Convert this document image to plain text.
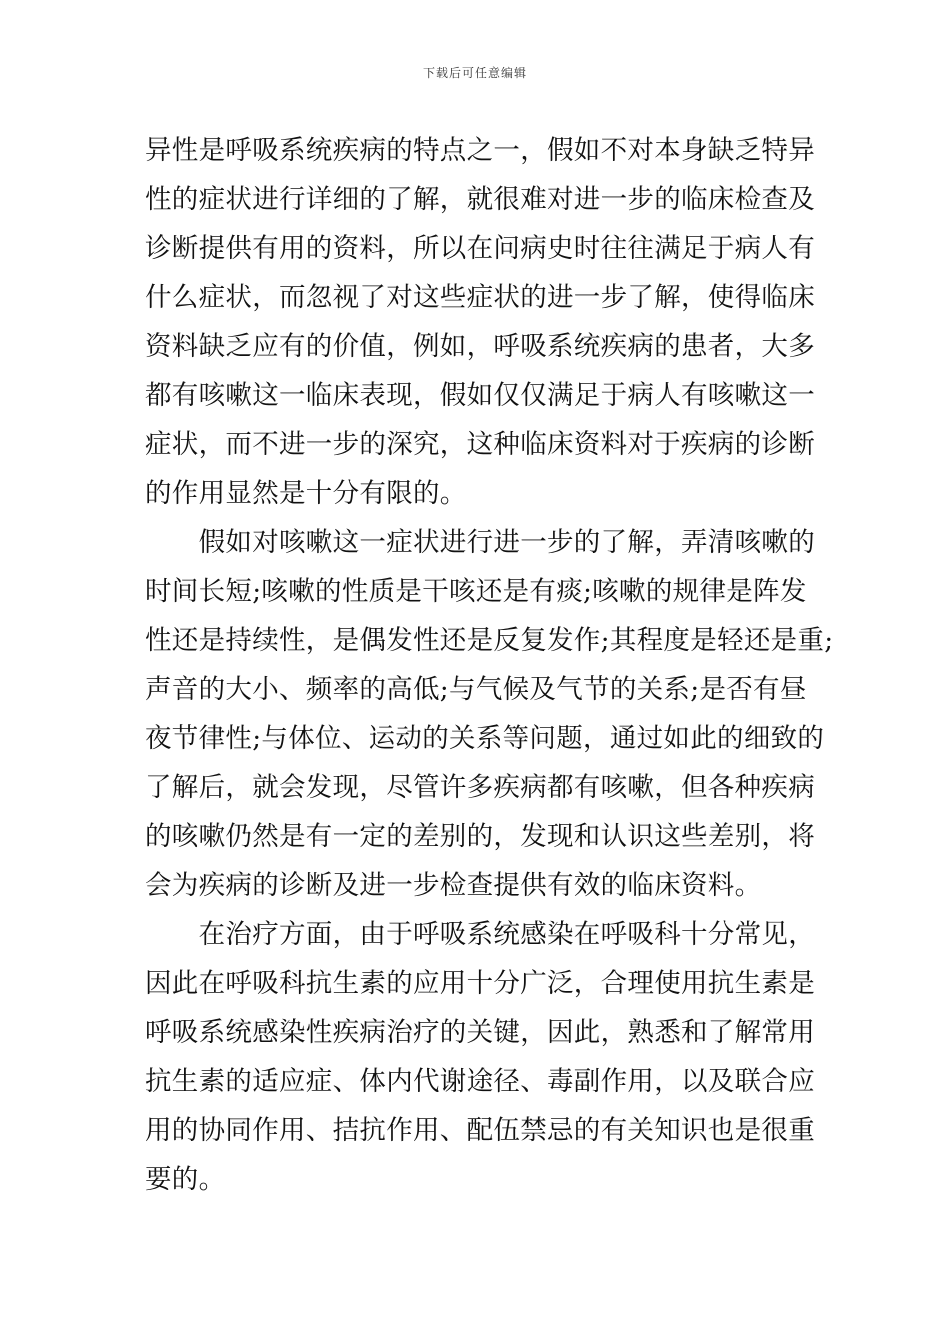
下载后可任意编辑
异性是呼吸系统疾病的特点之一，假如不对本身缺乏特异
性的症状进行详细的了解，就很难对进一步的临床检查及
诊断提供有用的资料，所以在问病史时往往满足于病人有
什么症状，而忽视了对这些症状的进一步了解，使得临床
资料缺乏应有的价值，例如，呼吸系统疾病的患者，大多
都有咳嗽这一临床表现，假如仅仅满足于病人有咳嗽这一
症状，而不进一步的深究，这种临床资料对于疾病的诊断
的作用显然是十分有限的。
　　假如对咳嗽这一症状进行进一步的了解，弄清咳嗽的
时间长短;咳嗽的性质是干咳还是有痰;咳嗽的规律是阵发
性还是持续性，是偶发性还是反复发作;其程度是轻还是重;
声音的大小、频率的高低;与气候及气节的关系;是否有昼
夜节律性;与体位、运动的关系等问题，通过如此的细致的
了解后，就会发现，尽管许多疾病都有咳嗽，但各种疾病
的咳嗽仍然是有一定的差别的，发现和认识这些差别，将
会为疾病的诊断及进一步检查提供有效的临床资料。
　　在治疗方面，由于呼吸系统感染在呼吸科十分常见，
因此在呼吸科抗生素的应用十分广泛，合理使用抗生素是
呼吸系统感染性疾病治疗的关键，因此，熟悉和了解常用
抗生素的适应症、体内代谢途径、毒副作用，以及联合应
用的协同作用、拮抗作用、配伍禁忌的有关知识也是很重
要的。
